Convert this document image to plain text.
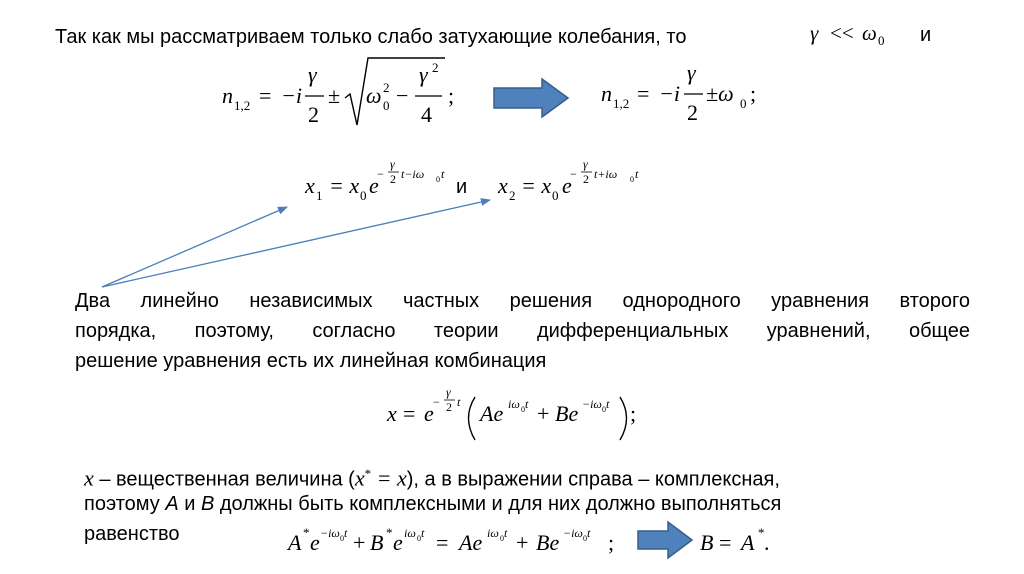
Так как мы рассматриваем только слабо затухающие колебания, то	γ << ω 0 и
n 1,2 = −i
γ
2
± ω 0
2 −
γ 2
4
;	n 1,2 = −i
γ
2
±ω 0 ;
x 1 = x 0 e
−
γ
2 t−iω 0 t
и x 2 = x 0 e
−
γ
2 t+iω 0 t
x = e −
γ
2 t Ae iω 0 t + Be −iω 0 t ;
A * e −iω 0 t + B * e iω 0 t = Ae iω 0 t + Be −iω 0 t ;	B = A * .
Два линейно независимых частных решения однородного уравнения второго
порядка, поэтому, согласно теории дифференциальных уравнений, общее
решение уравнения есть их линейная комбинация
x – вещественная величина (x* = x), а в выражении справа – комплексная,
поэтому A и B должны быть комплексными и для них должно выполняться
равенство
